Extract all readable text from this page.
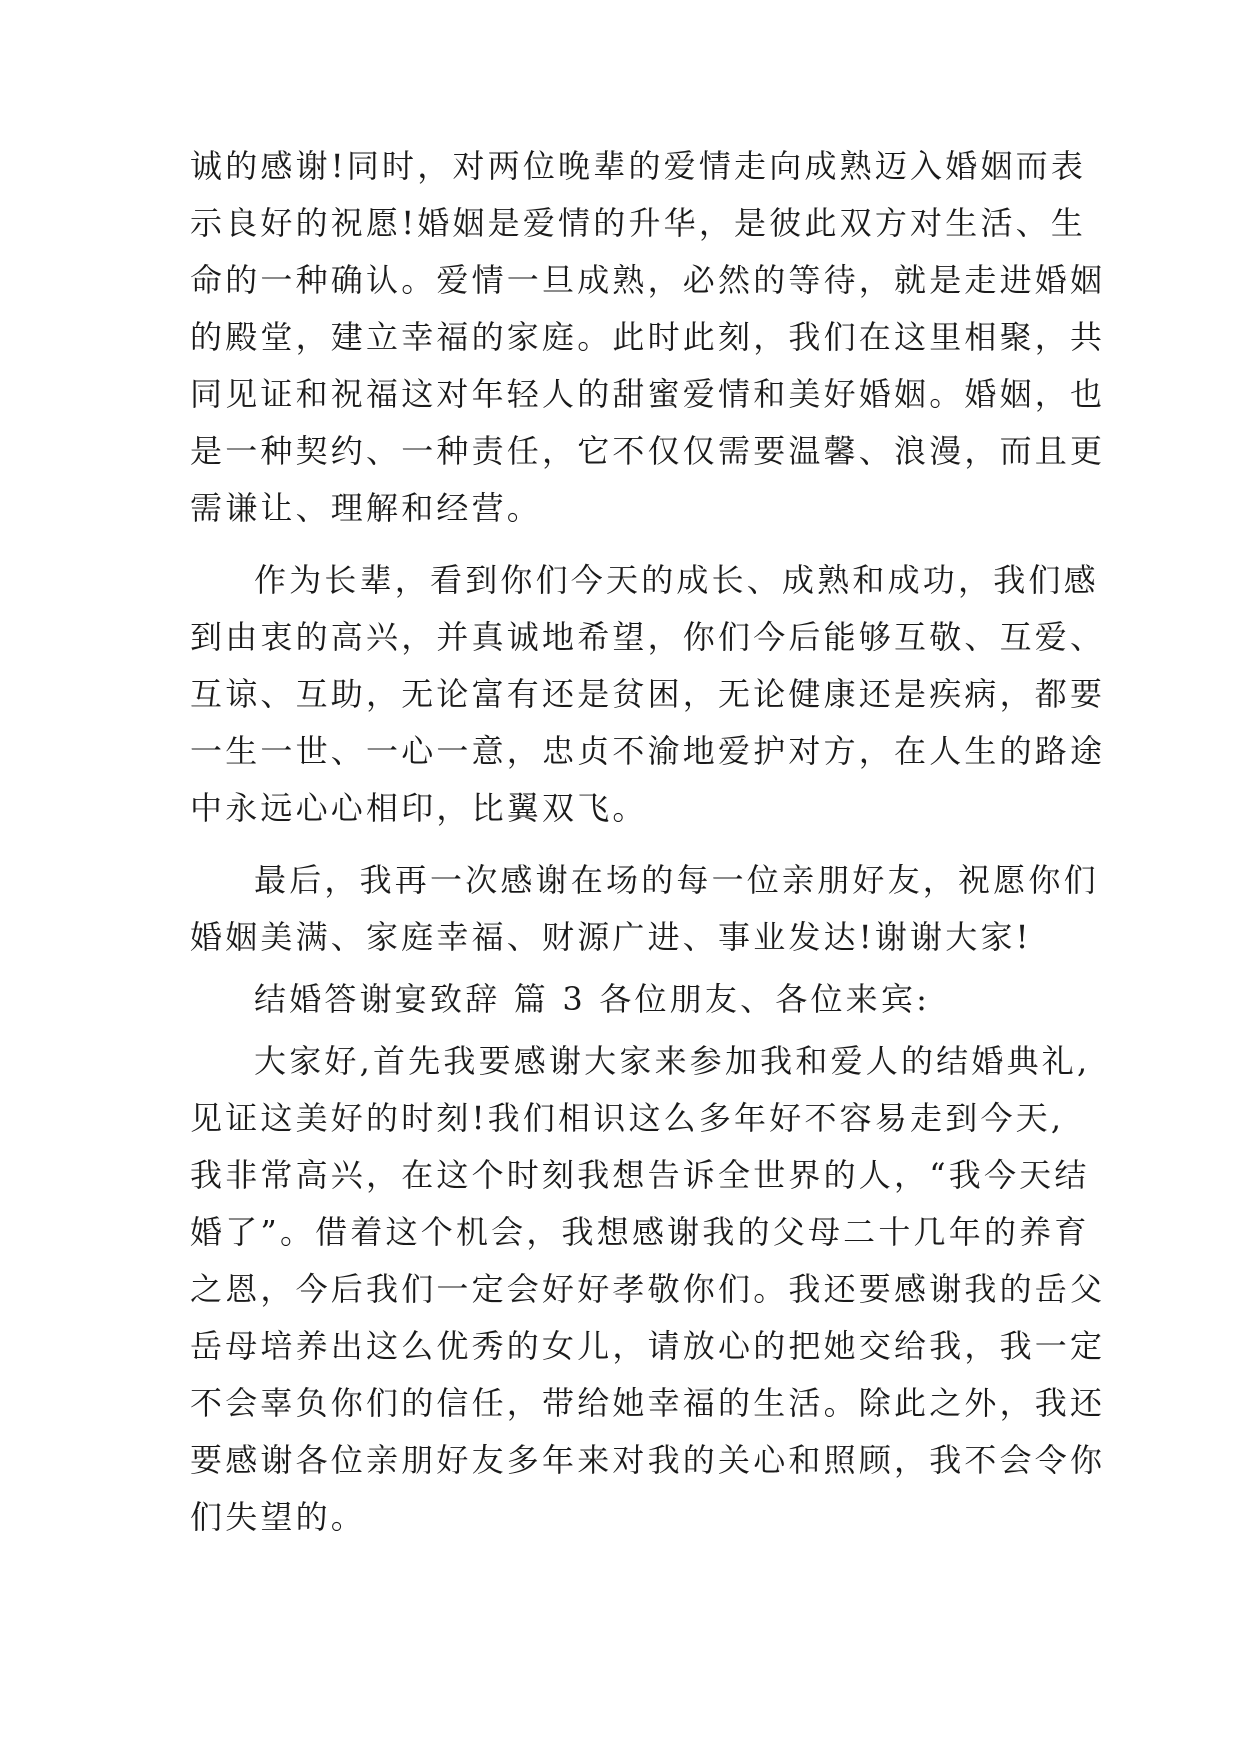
诚的感谢!同时，对两位晚辈的爱情走向成熟迈入婚姻而表
示良好的祝愿!婚姻是爱情的升华，是彼此双方对生活、生
命的一种确认。爱情一旦成熟，必然的等待，就是走进婚姻
的殿堂，建立幸福的家庭。此时此刻，我们在这里相聚，共
同见证和祝福这对年轻人的甜蜜爱情和美好婚姻。婚姻，也
是一种契约、一种责任，它不仅仅需要温馨、浪漫，而且更
需谦让、理解和经营。
作为长辈，看到你们今天的成长、成熟和成功，我们感
到由衷的高兴，并真诚地希望，你们今后能够互敬、互爱、
互谅、互助，无论富有还是贫困，无论健康还是疾病，都要
一生一世、一心一意，忠贞不渝地爱护对方，在人生的路途
中永远心心相印，比翼双飞。
最后，我再一次感谢在场的每一位亲朋好友，祝愿你们
婚姻美满、家庭幸福、财源广进、事业发达!谢谢大家!
结婚答谢宴致辞 篇 3 各位朋友、各位来宾:
大家好,首先我要感谢大家来参加我和爱人的结婚典礼,
见证这美好的时刻!我们相识这么多年好不容易走到今天,
我非常高兴，在这个时刻我想告诉全世界的人，“我今天结
婚了”。借着这个机会，我想感谢我的父母二十几年的养育
之恩，今后我们一定会好好孝敬你们。我还要感谢我的岳父
岳母培养出这么优秀的女儿，请放心的把她交给我，我一定
不会辜负你们的信任，带给她幸福的生活。除此之外，我还
要感谢各位亲朋好友多年来对我的关心和照顾，我不会令你
们失望的。
